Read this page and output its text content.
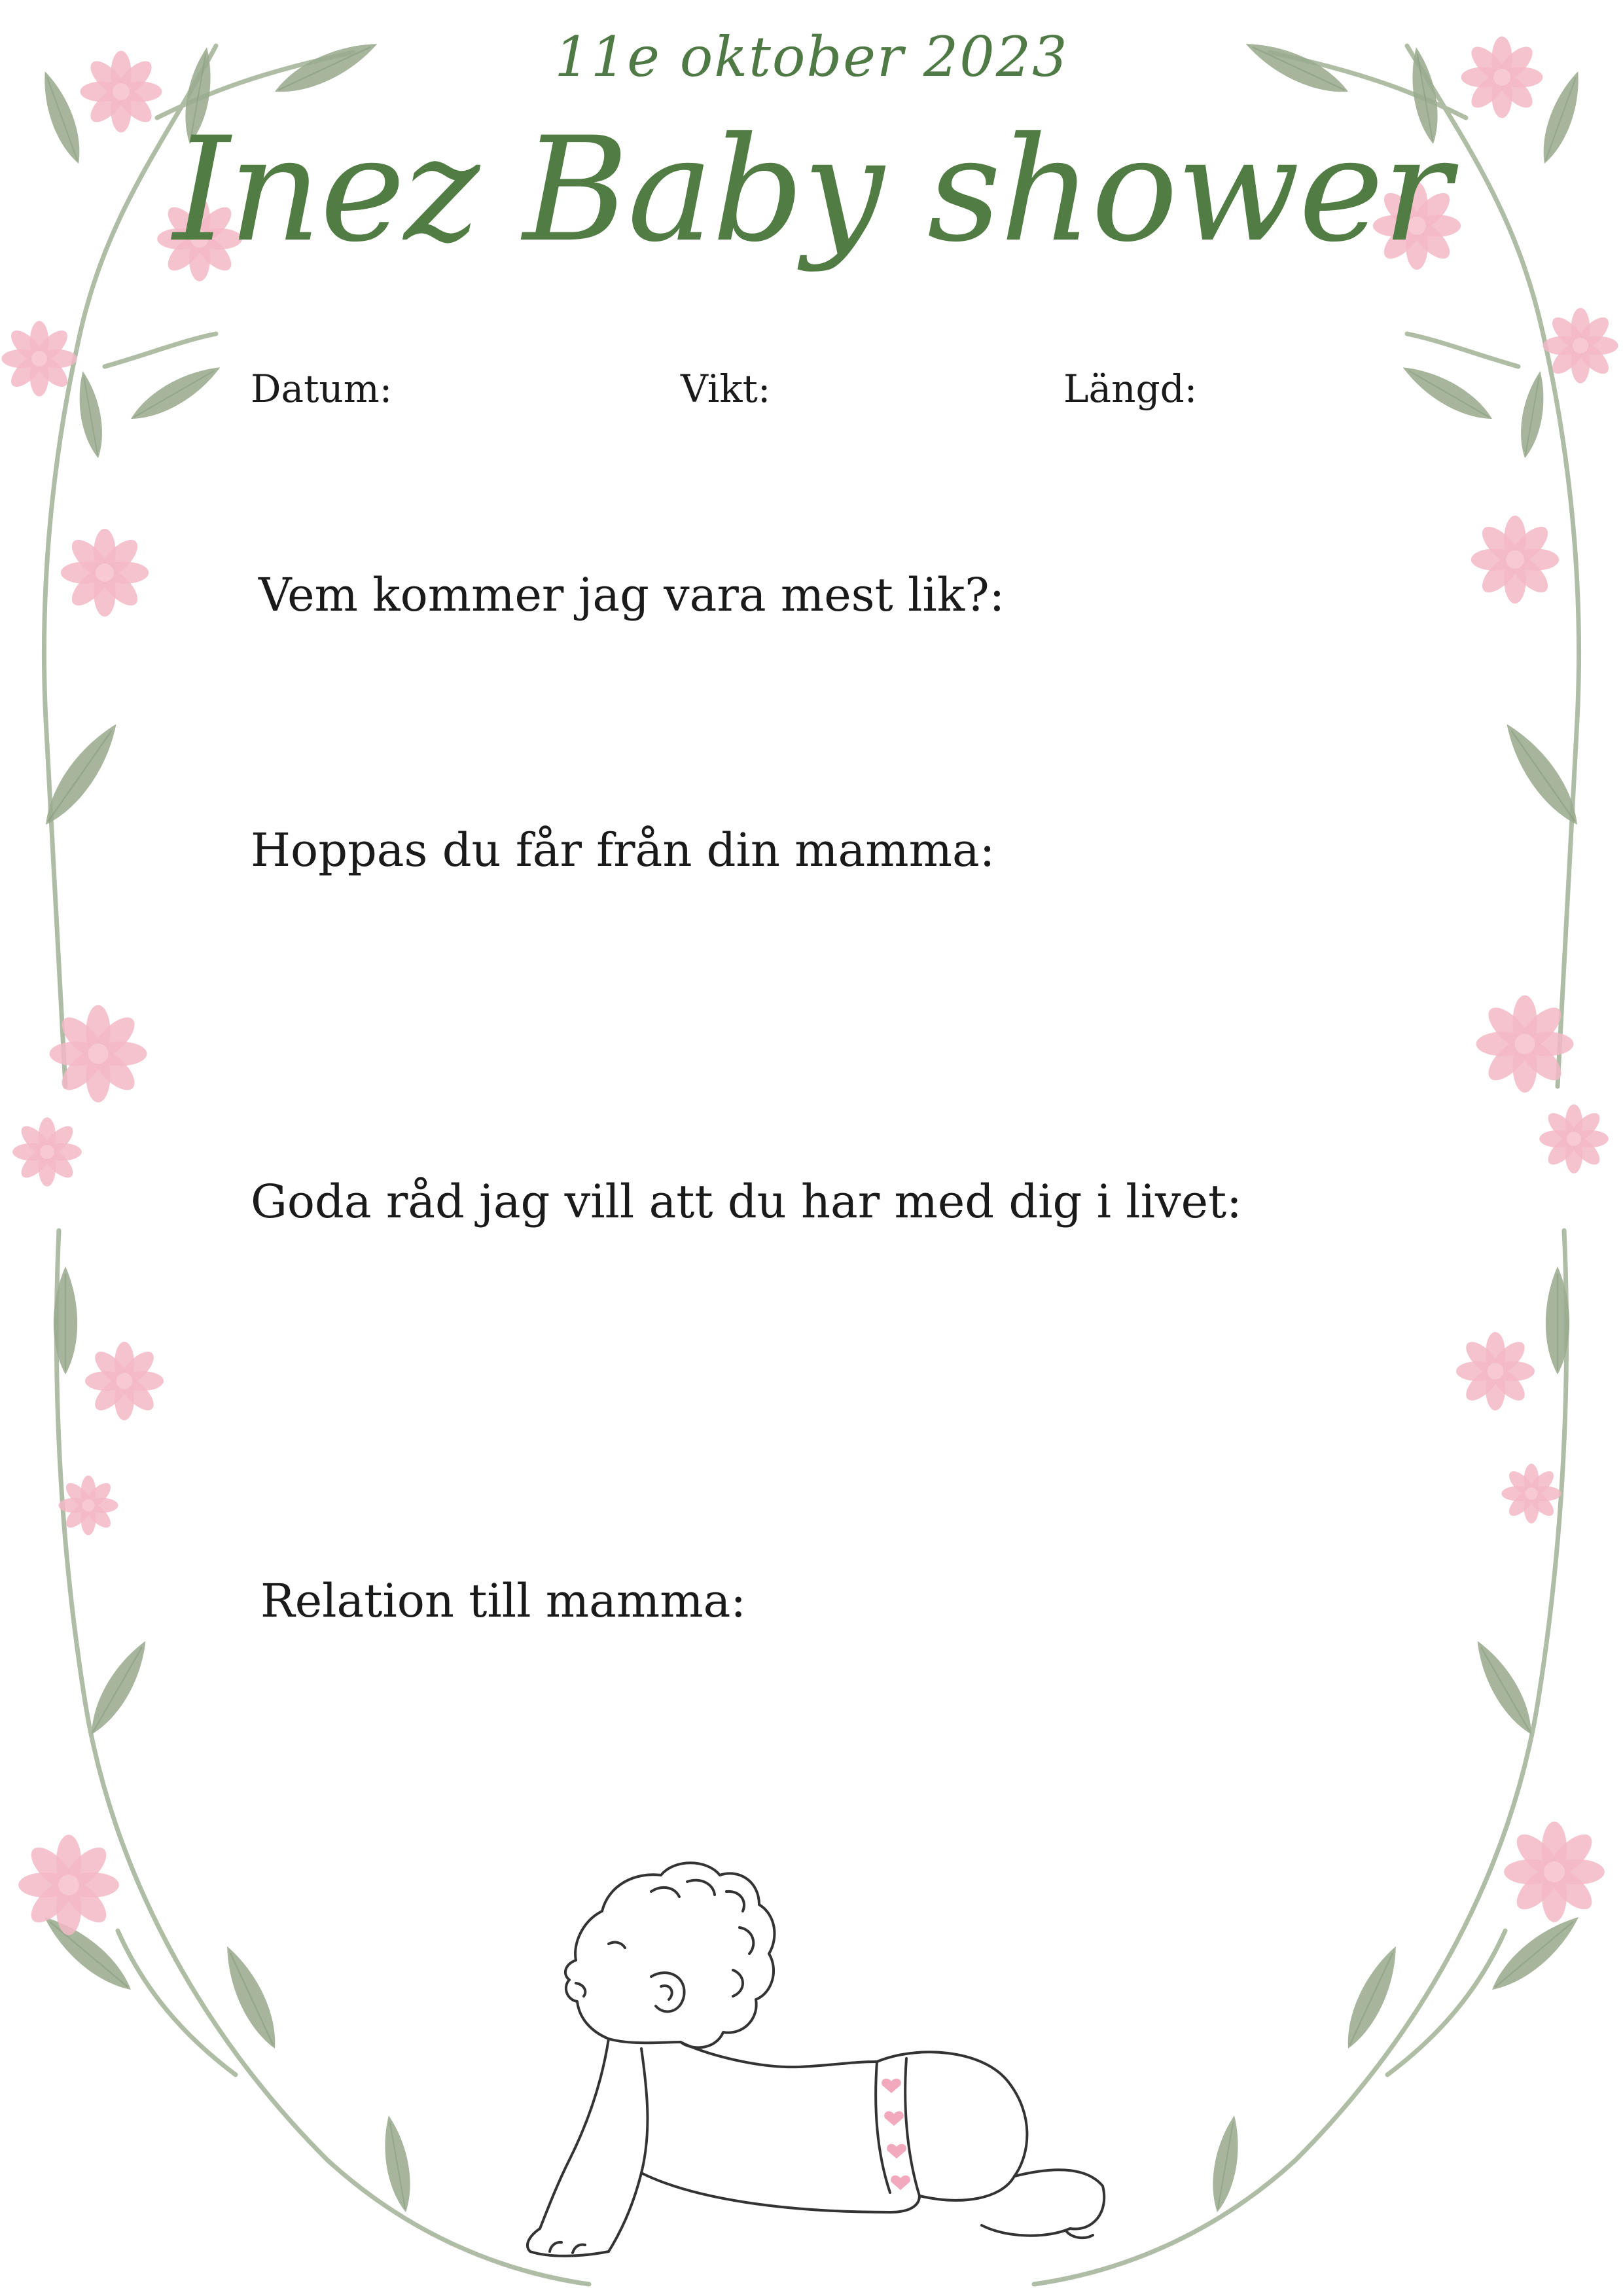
11e oktober 2023
Inez Baby shower
Datum:	Vikt:	Längd:
Vem kommer jag vara mest lik?:
Hoppas du får från din mamma:
Goda råd jag vill att du har med dig i livet:
Relation till mamma:
